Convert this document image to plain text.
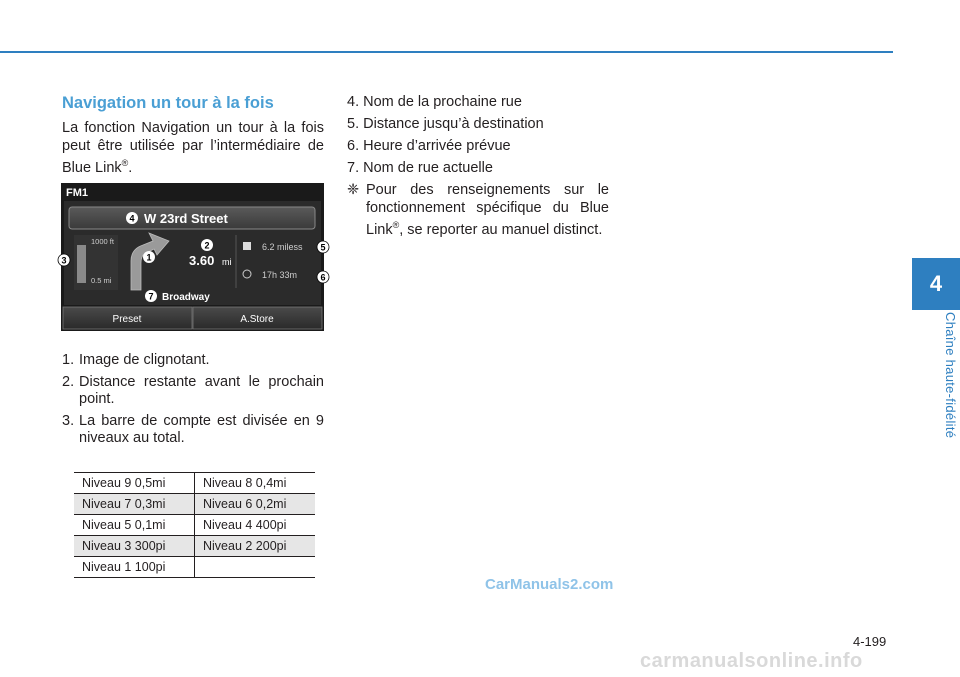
4
Chaîne haute-fidélité
Navigation un tour à la fois
La fonction Navigation un tour à la fois peut être utilisée par l’intermédiaire de Blue Link®.
FM1
W 23rd Street
1000 ft
0.5 mi
3.60 mi
6.2 miless
17h 33m
Broadway
Preset	A.Store
1
2
3
4
5
6
7
1. Image de clignotant.
2. Distance restante avant le prochain point.
3. La barre de compte est divisée en 9 niveaux au total.
Niveau 9 0,5mi	Niveau 8 0,4mi
Niveau 7 0,3mi	Niveau 6 0,2mi
Niveau 5 0,1mi	Niveau 4 400pi
Niveau 3 300pi	Niveau 2 200pi
Niveau 1 100pi	
4. Nom de la prochaine rue
5. Distance jusqu’à destination
6. Heure d’arrivée prévue
7. Nom de rue actuelle
❈ Pour des renseignements sur le fonctionnement spécifique du Blue Link®, se reporter au manuel distinct.
CarManuals2.com
4-199
carmanualsonline.info
